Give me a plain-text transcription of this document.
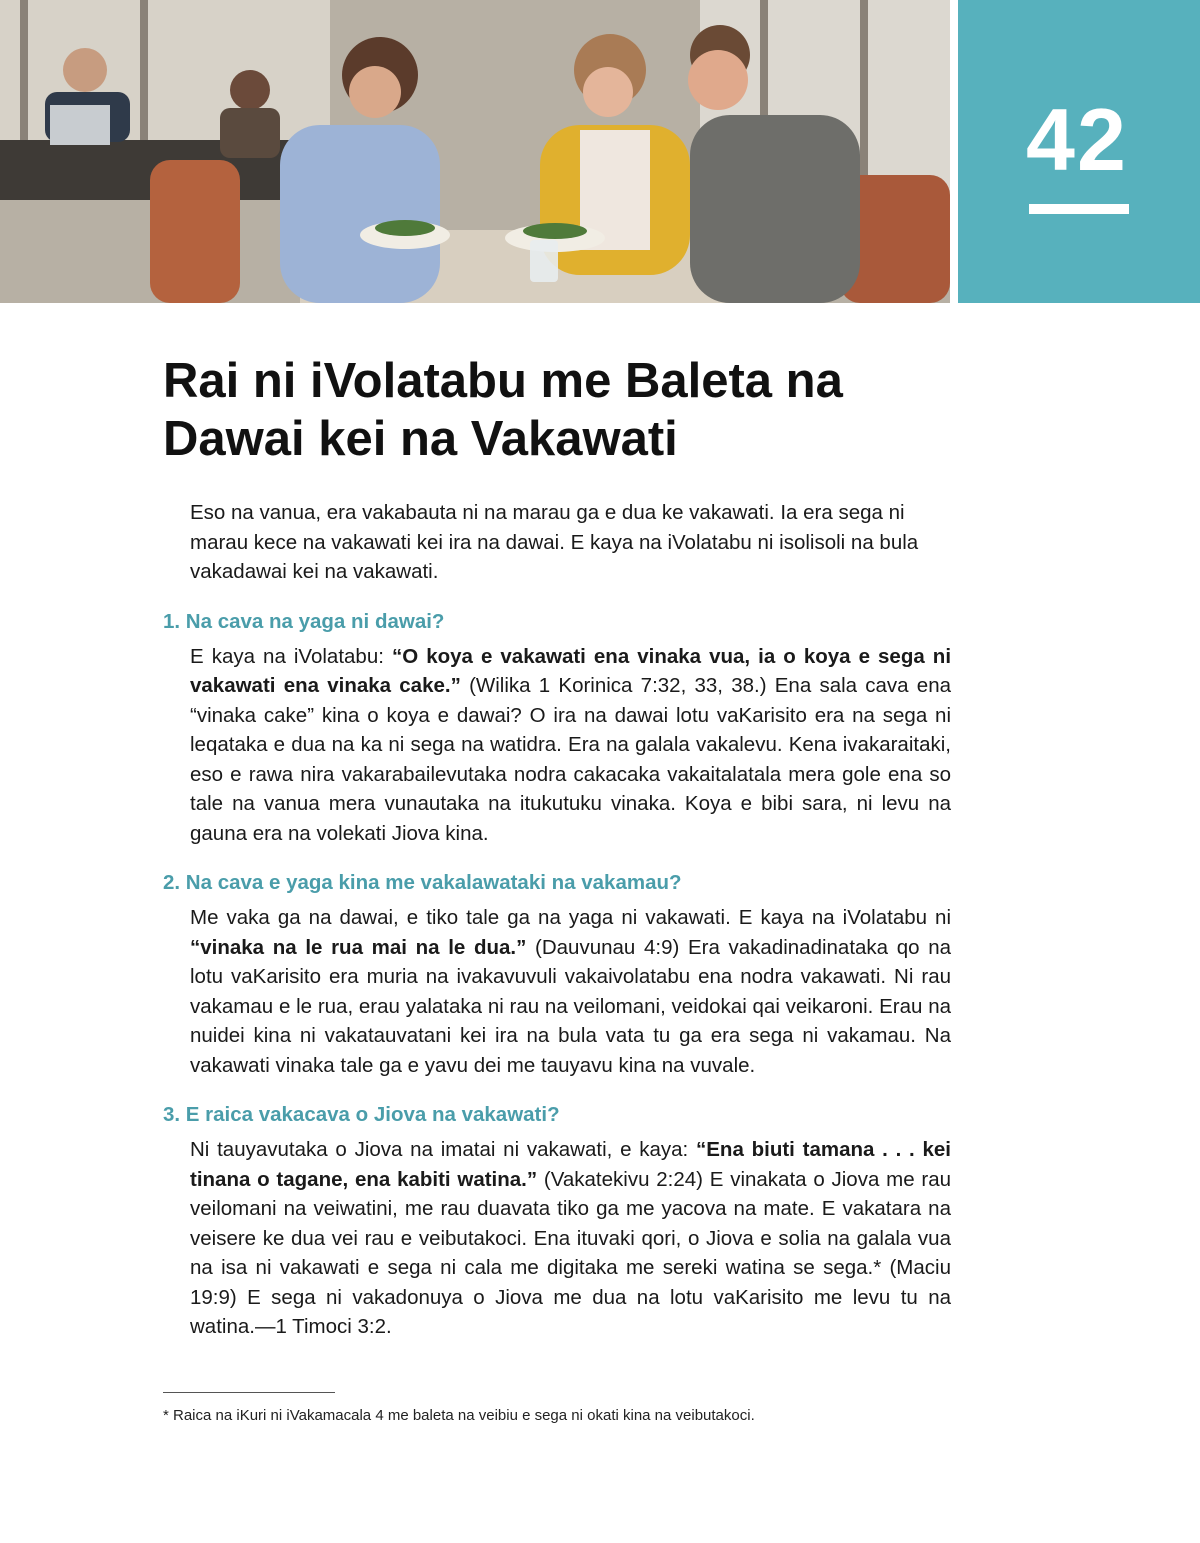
42
Rai ni iVolatabu me Baleta na
Dawai kei na Vakawati

Eso na vanua, era vakabauta ni na marau ga e dua ke vakawati. Ia era sega ni marau kece na vakawati kei ira na dawai. E kaya na iVolatabu ni isolisoli na bula vakadawai kei na vakawati.

1. Na cava na yaga ni dawai?

E kaya na iVolatabu: “O koya e vakawati ena vinaka vua, ia o koya e sega ni vakawati ena vinaka cake.” (Wilika 1 Korinica 7:32, 33, 38.) Ena sala cava ena “vinaka cake” kina o koya e dawai? O ira na dawai lotu vaKarisito era na sega ni leqataka e dua na ka ni sega na watidra. Era na galala vakalevu. Kena ivakaraitaki, eso e rawa nira vakarabailevutaka nodra cakacaka vakaitalatala mera gole ena so tale na vanua mera vunautaka na itukutuku vinaka. Koya e bibi sara, ni levu na gauna era na volekati Jiova kina.

2. Na cava e yaga kina me vakalawataki na vakamau?

Me vaka ga na dawai, e tiko tale ga na yaga ni vakawati. E kaya na iVolatabu ni “vinaka na le rua mai na le dua.” (Dauvunau 4:9) Era vakadinadinataka qo na lotu vaKarisito era muria na ivakavuvuli vakaivolatabu ena nodra vakawati. Ni rau vakamau e le rua, erau yalataka ni rau na veilomani, veidokai qai veikaroni. Erau na nuidei kina ni vakatauvatani kei ira na bula vata tu ga era sega ni vakamau. Na vakawati vinaka tale ga e yavu dei me tauyavu kina na vuvale.

3. E raica vakacava o Jiova na vakawati?

Ni tauyavutaka o Jiova na imatai ni vakawati, e kaya: “Ena biuti tamana . . . kei tinana o tagane, ena kabiti watina.” (Vakatekivu 2:24) E vinakata o Jiova me rau veilomani na veiwatini, me rau duavata tiko ga me yacova na mate. E vakatara na veisere ke dua vei rau e veibutakoci. Ena ituvaki qori, o Jiova e solia na galala vua na isa ni vakawati e sega ni cala me digitaka me sereki watina se sega.* (Maciu 19:9) E sega ni vakadonuya o Jiova me dua na lotu vaKarisito me levu tu na watina.—1 Timoci 3:2.

* Raica na iKuri ni iVakamacala 4 me baleta na veibiu e sega ni okati kina na veibutakoci.
